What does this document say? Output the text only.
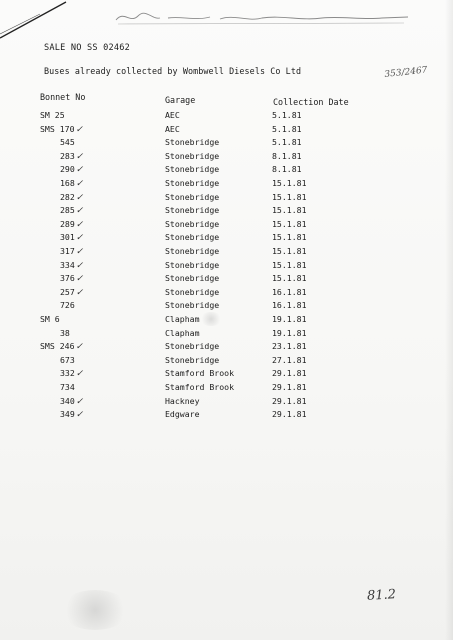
SALE NO SS 02462
Buses already collected by Wombwell Diesels Co Ltd	353/2467
Bonnet No	Garage	Collection Date
SM 25	AEC	5.1.81
SMS 170✓	AEC	5.1.81
545	Stonebridge	5.1.81
283✓	Stonebridge	8.1.81
290✓	Stonebridge	8.1.81
168✓	Stonebridge	15.1.81
282✓	Stonebridge	15.1.81
285✓	Stonebridge	15.1.81
289✓	Stonebridge	15.1.81
301✓	Stonebridge	15.1.81
317✓	Stonebridge	15.1.81
334✓	Stonebridge	15.1.81
376✓	Stonebridge	15.1.81
257✓	Stonebridge	16.1.81
726	Stonebridge	16.1.81
SM 6	Clapham	19.1.81
38	Clapham	19.1.81
SMS 246✓	Stonebridge	23.1.81
673	Stonebridge	27.1.81
332✓	Stamford Brook	29.1.81
734	Stamford Brook	29.1.81
340✓	Hackney	29.1.81
349✓	Edgware	29.1.81
81.2
